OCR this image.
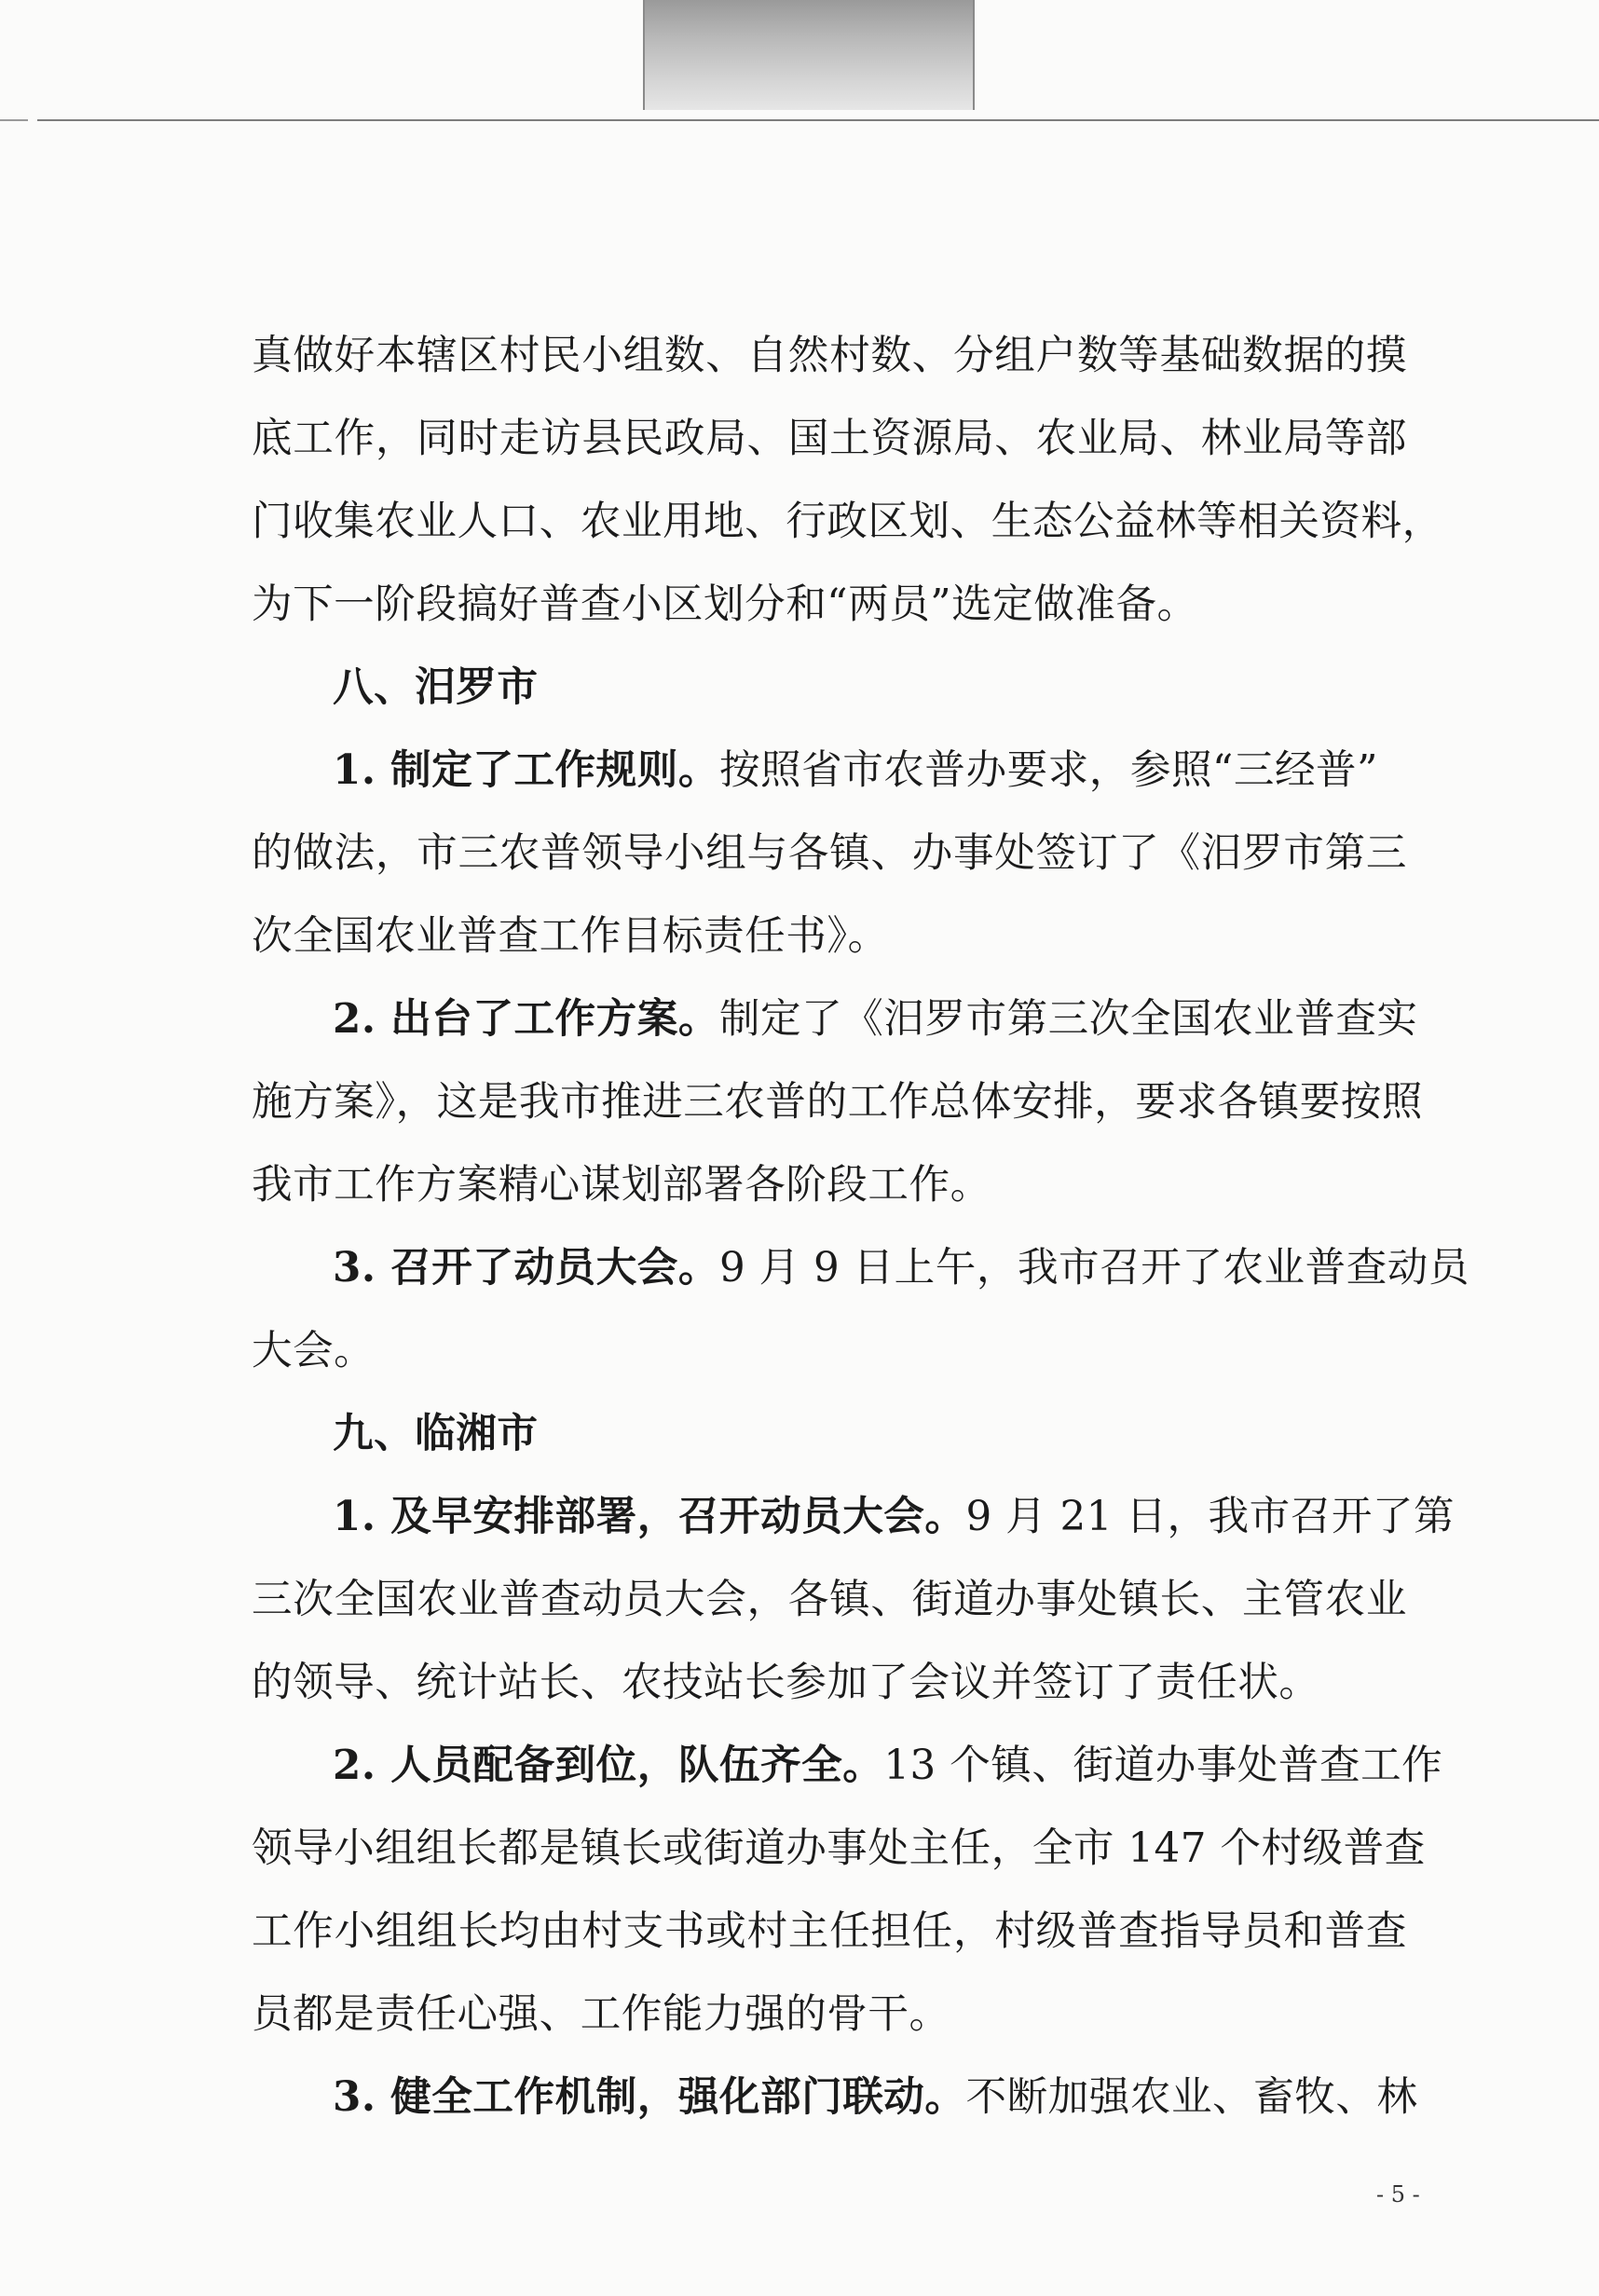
真做好本辖区村民小组数、自然村数、分组户数等基础数据的摸
底工作，同时走访县民政局、国土资源局、农业局、林业局等部
门收集农业人口、农业用地、行政区划、生态公益林等相关资料，
为下一阶段搞好普查小区划分和“两员”选定做准备。
八、汨罗市
1. 制定了工作规则。按照省市农普办要求，参照“三经普”
的做法，市三农普领导小组与各镇、办事处签订了《汨罗市第三
次全国农业普查工作目标责任书》。
2. 出台了工作方案。制定了《汨罗市第三次全国农业普查实
施方案》，这是我市推进三农普的工作总体安排，要求各镇要按照
我市工作方案精心谋划部署各阶段工作。
3. 召开了动员大会。9 月 9 日上午，我市召开了农业普查动员
大会。
九、临湘市
1. 及早安排部署，召开动员大会。9 月 21 日，我市召开了第
三次全国农业普查动员大会，各镇、街道办事处镇长、主管农业
的领导、统计站长、农技站长参加了会议并签订了责任状。
2. 人员配备到位，队伍齐全。13 个镇、街道办事处普查工作
领导小组组长都是镇长或街道办事处主任，全市 147 个村级普查
工作小组组长均由村支书或村主任担任，村级普查指导员和普查
员都是责任心强、工作能力强的骨干。
3. 健全工作机制，强化部门联动。不断加强农业、畜牧、林
- 5 -
